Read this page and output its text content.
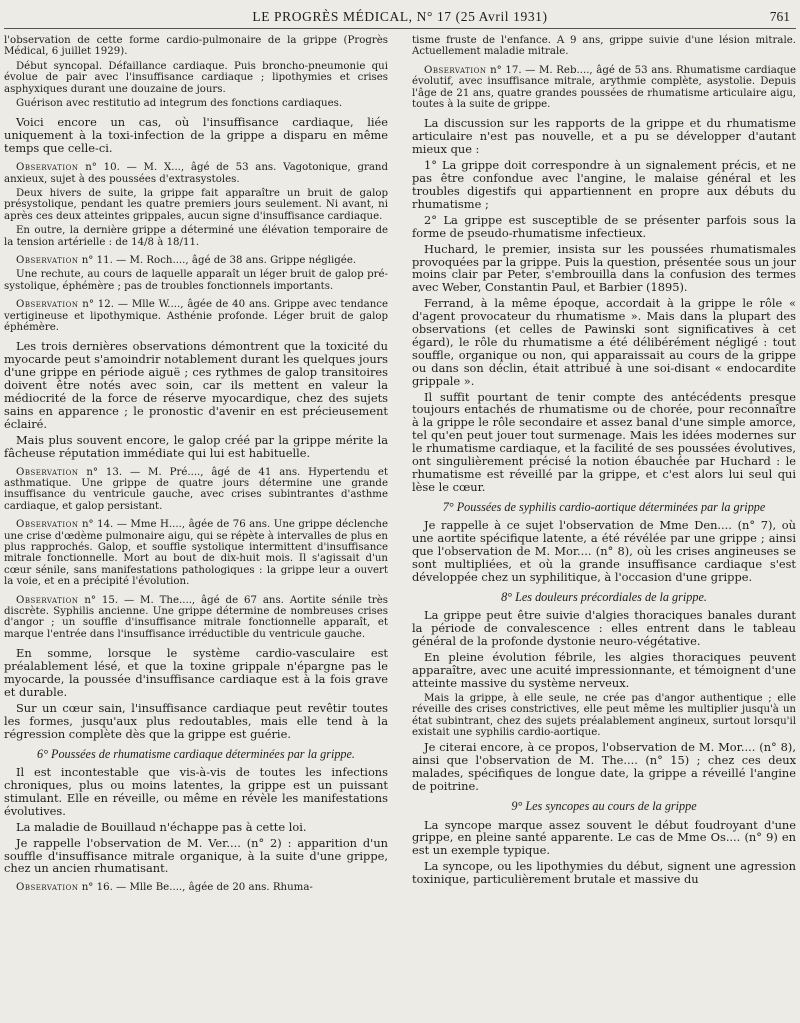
LE PROGRÈS MÉDICAL, N° 17 (25 Avril 1931)	761

l'observation de cette forme cardio-pulmonaire de la grippe (Progrès Médical, 6 juillet 1929).

Début syncopal. Défaillance cardiaque. Puis broncho-pneumonie qui évolue de pair avec l'insuffisance cardiaque ; lipothymies et crises asphyxiques durant une douzaine de jours.

Guérison avec restitutio ad integrum des fonctions cardiaques.

Voici encore un cas, où l'insuffisance cardiaque, liée uniquement à la toxi-infection de la grippe a disparu en même temps que celle-ci.

Observation n° 10. — M. X..., âgé de 53 ans. Vagotonique, grand anxieux, sujet à des poussées d'extrasystoles.

Deux hivers de suite, la grippe fait apparaître un bruit de galop présystolique, pendant les quatre premiers jours seulement. Ni avant, ni après ces deux atteintes grippales, aucun signe d'insuffisance cardiaque.

En outre, la dernière grippe a déterminé une élévation temporaire de la tension artérielle : de 14/8 à 18/11.

Observation n° 11. — M. Roch...., âgé de 38 ans. Grippe négligée.

Une rechute, au cours de laquelle apparaît un léger bruit de galop pré-systolique, éphémère ; pas de troubles fonctionnels importants.

Observation n° 12. — Mlle W...., âgée de 40 ans. Grippe avec tendance vertigineuse et lipothymique. Asthénie profonde. Léger bruit de galop éphémère.

Les trois dernières observations démontrent que la toxicité du myocarde peut s'amoindrir notablement durant les quelques jours d'une grippe en période aiguë ; ces rythmes de galop transitoires doivent être notés avec soin, car ils mettent en valeur la médiocrité de la force de réserve myocardique, chez des sujets sains en apparence ; le pronostic d'avenir en est précieusement éclairé.

Mais plus souvent encore, le galop créé par la grippe mérite la fâcheuse réputation immédiate qui lui est habituelle.

Observation n° 13. — M. Pré...., âgé de 41 ans. Hypertendu et asthmatique. Une grippe de quatre jours détermine une grande insuffisance du ventricule gauche, avec crises subintrantes d'asthme cardiaque, et galop persistant.

Observation n° 14. — Mme H...., âgée de 76 ans. Une grippe déclenche une crise d'œdème pulmonaire aigu, qui se répète à intervalles de plus en plus rapprochés. Galop, et souffle systolique intermittent d'insuffisance mitrale fonctionnelle. Mort au bout de dix-huit mois. Il s'agissait d'un cœur sénile, sans manifestations pathologiques : la grippe leur a ouvert la voie, et en a précipité l'évolution.

Observation n° 15. — M. The...., âgé de 67 ans. Aortite sénile très discrète. Syphilis ancienne. Une grippe détermine de nombreuses crises d'angor ; un souffle d'insuffisance mitrale fonctionnelle apparaît, et marque l'entrée dans l'insuffisance irréductible du ventricule gauche.

En somme, lorsque le système cardio-vasculaire est préalablement lésé, et que la toxine grippale n'épargne pas le myocarde, la poussée d'insuffisance cardiaque est à la fois grave et durable.

Sur un cœur sain, l'insuffisance cardiaque peut revêtir toutes les formes, jusqu'aux plus redoutables, mais elle tend à la régression complète dès que la grippe est guérie.

6° Poussées de rhumatisme cardiaque déterminées par la grippe.

Il est incontestable que vis-à-vis de toutes les infections chroniques, plus ou moins latentes, la grippe est un puissant stimulant. Elle en réveille, ou même en révèle les manifestations évolutives.

La maladie de Bouillaud n'échappe pas à cette loi.

Je rappelle l'observation de M. Ver.... (n° 2) : apparition d'un souffle d'insuffisance mitrale organique, à la suite d'une grippe, chez un ancien rhumatisant.

Observation n° 16. — Mlle Be...., âgée de 20 ans. Rhuma-

tisme fruste de l'enfance. A 9 ans, grippe suivie d'une lésion mitrale. Actuellement maladie mitrale.

Observation n° 17. — M. Reb...., âgé de 53 ans. Rhumatisme cardiaque évolutif, avec insuffisance mitrale, arythmie complète, asystolie. Depuis l'âge de 21 ans, quatre grandes poussées de rhumatisme articulaire aigu, toutes à la suite de grippe.

La discussion sur les rapports de la grippe et du rhumatisme articulaire n'est pas nouvelle, et a pu se développer d'autant mieux que :

1° La grippe doit correspondre à un signalement précis, et ne pas être confondue avec l'angine, le malaise général et les troubles digestifs qui appartiennent en propre aux débuts du rhumatisme ;

2° La grippe est susceptible de se présenter parfois sous la forme de pseudo-rhumatisme infectieux.

Huchard, le premier, insista sur les poussées rhumatismales provoquées par la grippe. Puis la question, présentée sous un jour moins clair par Peter, s'embrouilla dans la confusion des termes avec Weber, Constantin Paul, et Barbier (1895).

Ferrand, à la même époque, accordait à la grippe le rôle « d'agent provocateur du rhumatisme ». Mais dans la plupart des observations (et celles de Pawinski sont significatives à cet égard), le rôle du rhumatisme a été délibérément négligé : tout souffle, organique ou non, qui apparaissait au cours de la grippe ou dans son déclin, était attribué à une soi-disant « endocardite grippale ».

Il suffit pourtant de tenir compte des antécédents presque toujours entachés de rhumatisme ou de chorée, pour reconnaître à la grippe le rôle secondaire et assez banal d'une simple amorce, tel qu'en peut jouer tout surmenage. Mais les idées modernes sur le rhumatisme cardiaque, et la facilité de ses poussées évolutives, ont singulièrement précisé la notion ébauchée par Huchard : le rhumatisme est réveillé par la grippe, et c'est alors lui seul qui lèse le cœur.

7° Poussées de syphilis cardio-aortique déterminées par la grippe

Je rappelle à ce sujet l'observation de Mme Den.... (n° 7), où une aortite spécifique latente, a été révélée par une grippe ; ainsi que l'observation de M. Mor.... (n° 8), où les crises angineuses se sont multipliées, et où la grande insuffisance cardiaque s'est développée chez un syphilitique, à l'occasion d'une grippe.

8° Les douleurs précordiales de la grippe.

La grippe peut être suivie d'algies thoraciques banales durant la période de convalescence : elles entrent dans le tableau général de la profonde dystonie neuro-végétative.

En pleine évolution fébrile, les algies thoraciques peuvent apparaître, avec une acuité impressionnante, et témoignent d'une atteinte massive du système nerveux.

Mais la grippe, à elle seule, ne crée pas d'angor authentique ; elle réveille des crises constrictives, elle peut même les multiplier jusqu'à un état subintrant, chez des sujets préalablement angineux, surtout lorsqu'il existait une syphilis cardio-aortique.

Je citerai encore, à ce propos, l'observation de M. Mor.... (n° 8), ainsi que l'observation de M. The.... (n° 15) ; chez ces deux malades, spécifiques de longue date, la grippe a réveillé l'angine de poitrine.

9° Les syncopes au cours de la grippe

La syncope marque assez souvent le début foudroyant d'une grippe, en pleine santé apparente. Le cas de Mme Os.... (n° 9) en est un exemple typique.

La syncope, ou les lipothymies du début, signent une agression toxinique, particulièrement brutale et massive du
